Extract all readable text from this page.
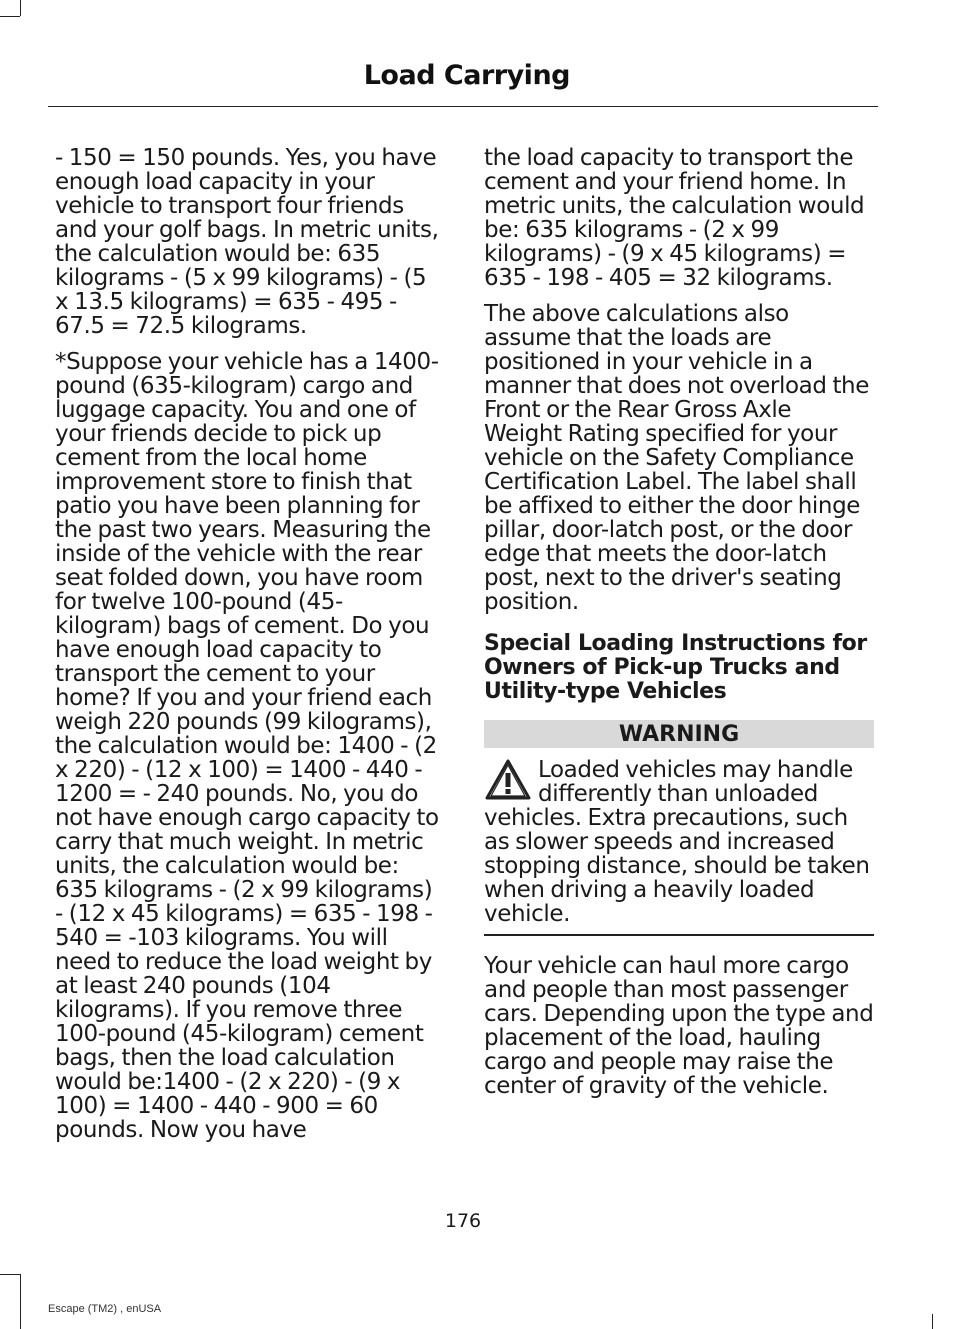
Load Carrying

- 150 = 150 pounds. Yes, you have enough load capacity in your vehicle to transport four friends and your golf bags. In metric units, the calculation would be: 635 kilograms - (5 x 99 kilograms) - (5 x 13.5 kilograms) = 635 - 495 - 67.5 = 72.5 kilograms.

*Suppose your vehicle has a 1400-pound (635-kilogram) cargo and luggage capacity. You and one of your friends decide to pick up cement from the local home improvement store to finish that patio you have been planning for the past two years. Measuring the inside of the vehicle with the rear seat folded down, you have room for twelve 100-pound (45-kilogram) bags of cement. Do you have enough load capacity to transport the cement to your home? If you and your friend each weigh 220 pounds (99 kilograms), the calculation would be: 1400 - (2 x 220) - (12 x 100) = 1400 - 440 - 1200 = - 240 pounds. No, you do not have enough cargo capacity to carry that much weight. In metric units, the calculation would be: 635 kilograms - (2 x 99 kilograms) - (12 x 45 kilograms) = 635 - 198 - 540 = -103 kilograms. You will need to reduce the load weight by at least 240 pounds (104 kilograms). If you remove three 100-pound (45-kilogram) cement bags, then the load calculation would be:1400 - (2 x 220) - (9 x 100) = 1400 - 440 - 900 = 60 pounds. Now you have

the load capacity to transport the cement and your friend home. In metric units, the calculation would be: 635 kilograms - (2 x 99 kilograms) - (9 x 45 kilograms) = 635 - 198 - 405 = 32 kilograms.

The above calculations also assume that the loads are positioned in your vehicle in a manner that does not overload the Front or the Rear Gross Axle Weight Rating specified for your vehicle on the Safety Compliance Certification Label. The label shall be affixed to either the door hinge pillar, door-latch post, or the door edge that meets the door-latch post, next to the driver's seating position.

Special Loading Instructions for Owners of Pick-up Trucks and Utility-type Vehicles
WARNING
Loaded vehicles may handle differently than unloaded vehicles. Extra precautions, such as slower speeds and increased stopping distance, should be taken when driving a heavily loaded vehicle.

Your vehicle can haul more cargo and people than most passenger cars. Depending upon the type and placement of the load, hauling cargo and people may raise the center of gravity of the vehicle.

176
Escape (TM2) , enUSA
